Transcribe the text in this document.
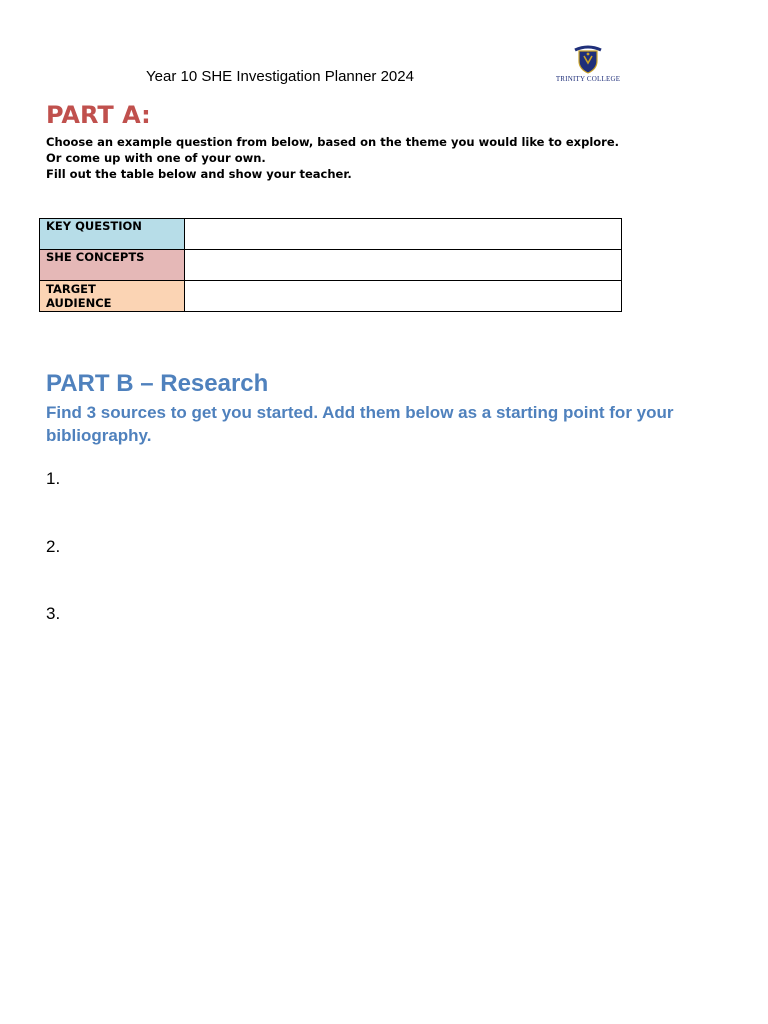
Year 10 SHE Investigation Planner 2024	TRINITY COLLEGE
PART A:
Choose an example question from below, based on the theme you would like to explore.
Or come up with one of your own.
Fill out the table below and show your teacher.
KEY QUESTION	
SHE CONCEPTS	
TARGET
AUDIENCE	
PART B – Research
Find 3 sources to get you started. Add them below as a starting point for your bibliography.
1.
2.
3.
